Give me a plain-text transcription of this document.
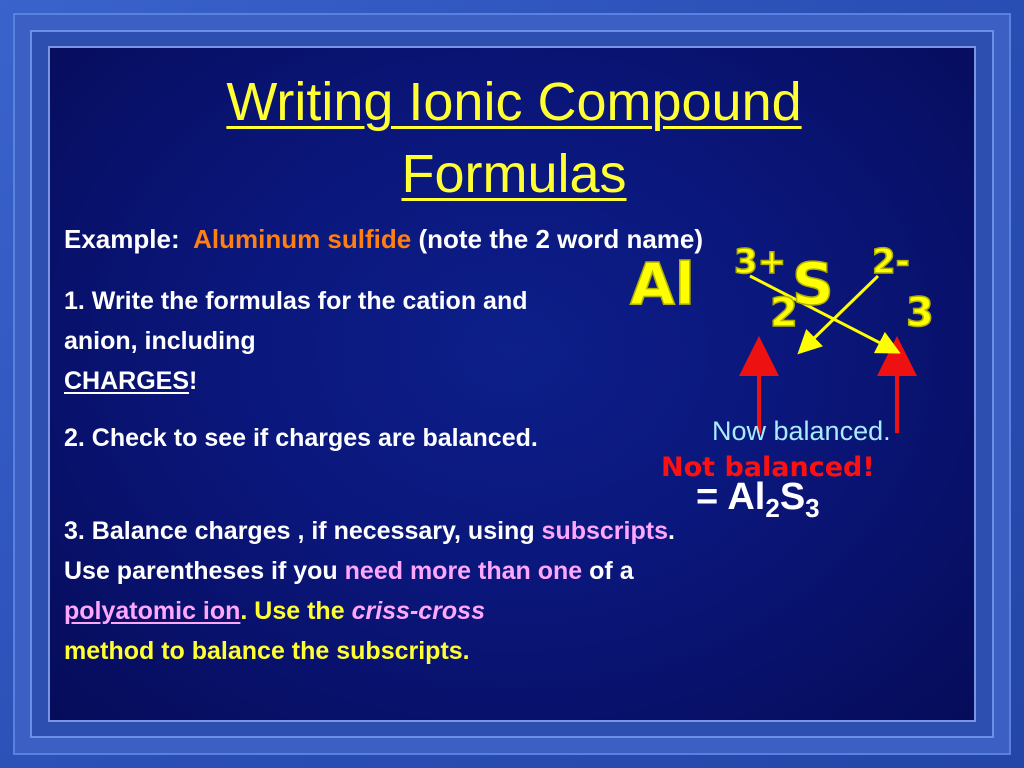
Writing Ionic Compound
Formulas
Example: Aluminum sulfide (note the 2 word name)
1. Write the formulas for the cation and anion, including
CHARGES!
2. Check to see if charges are balanced.
3. Balance charges , if necessary, using subscripts. Use parentheses if you need more than one of a
polyatomic ion. Use the criss-cross
method to balance the subscripts.
Al 3+ S 2-
2	3
Now balanced.
Not balanced!
= $Al_2S_3$
